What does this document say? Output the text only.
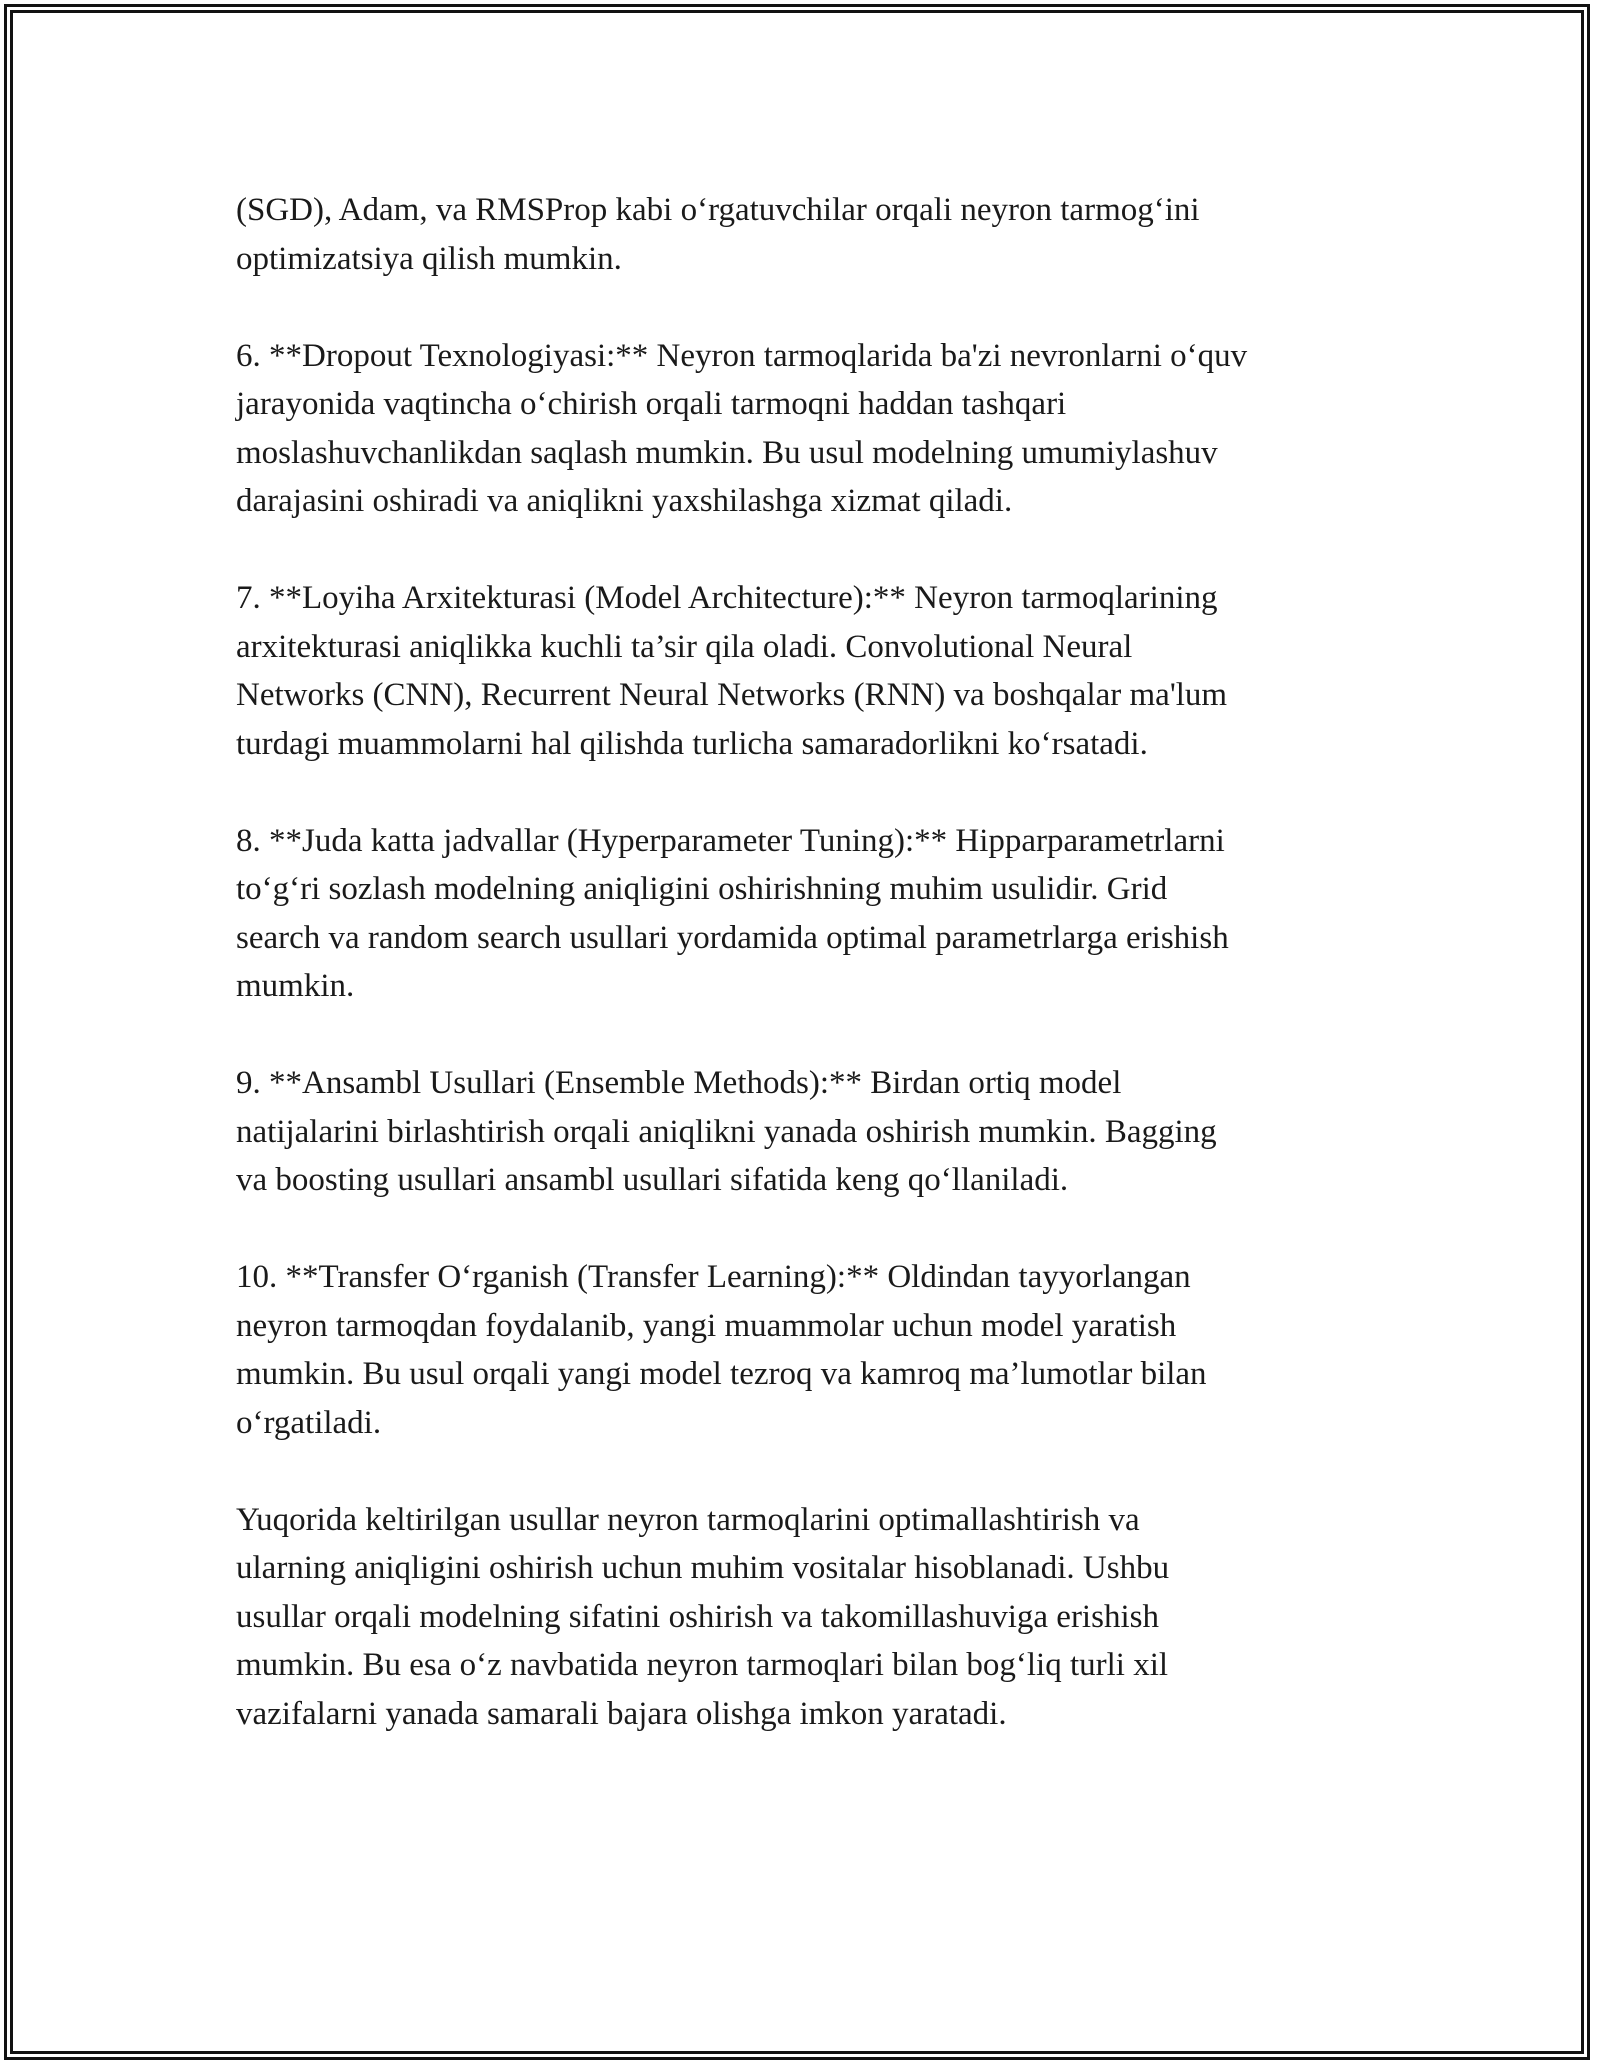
(SGD), Adam, va RMSProp kabi o‘rgatuvchilar orqali neyron tarmog‘ini
optimizatsiya qilish mumkin.

6. **Dropout Texnologiyasi:** Neyron tarmoqlarida ba'zi nevronlarni o‘quv
jarayonida vaqtincha o‘chirish orqali tarmoqni haddan tashqari
moslashuvchanlikdan saqlash mumkin. Bu usul modelning umumiylashuv
darajasini oshiradi va aniqlikni yaxshilashga xizmat qiladi.

7. **Loyiha Arxitekturasi (Model Architecture):** Neyron tarmoqlarining
arxitekturasi aniqlikka kuchli ta’sir qila oladi. Convolutional Neural
Networks (CNN), Recurrent Neural Networks (RNN) va boshqalar ma'lum
turdagi muammolarni hal qilishda turlicha samaradorlikni ko‘rsatadi.

8. **Juda katta jadvallar (Hyperparameter Tuning):** Hipparparametrlarni
to‘g‘ri sozlash modelning aniqligini oshirishning muhim usulidir. Grid
search va random search usullari yordamida optimal parametrlarga erishish
mumkin.

9. **Ansambl Usullari (Ensemble Methods):** Birdan ortiq model
natijalarini birlashtirish orqali aniqlikni yanada oshirish mumkin. Bagging
va boosting usullari ansambl usullari sifatida keng qo‘llaniladi.

10. **Transfer O‘rganish (Transfer Learning):** Oldindan tayyorlangan
neyron tarmoqdan foydalanib, yangi muammolar uchun model yaratish
mumkin. Bu usul orqali yangi model tezroq va kamroq ma’lumotlar bilan
o‘rgatiladi.

Yuqorida keltirilgan usullar neyron tarmoqlarini optimallashtirish va
ularning aniqligini oshirish uchun muhim vositalar hisoblanadi. Ushbu
usullar orqali modelning sifatini oshirish va takomillashuviga erishish
mumkin. Bu esa o‘z navbatida neyron tarmoqlari bilan bog‘liq turli xil
vazifalarni yanada samarali bajara olishga imkon yaratadi.
